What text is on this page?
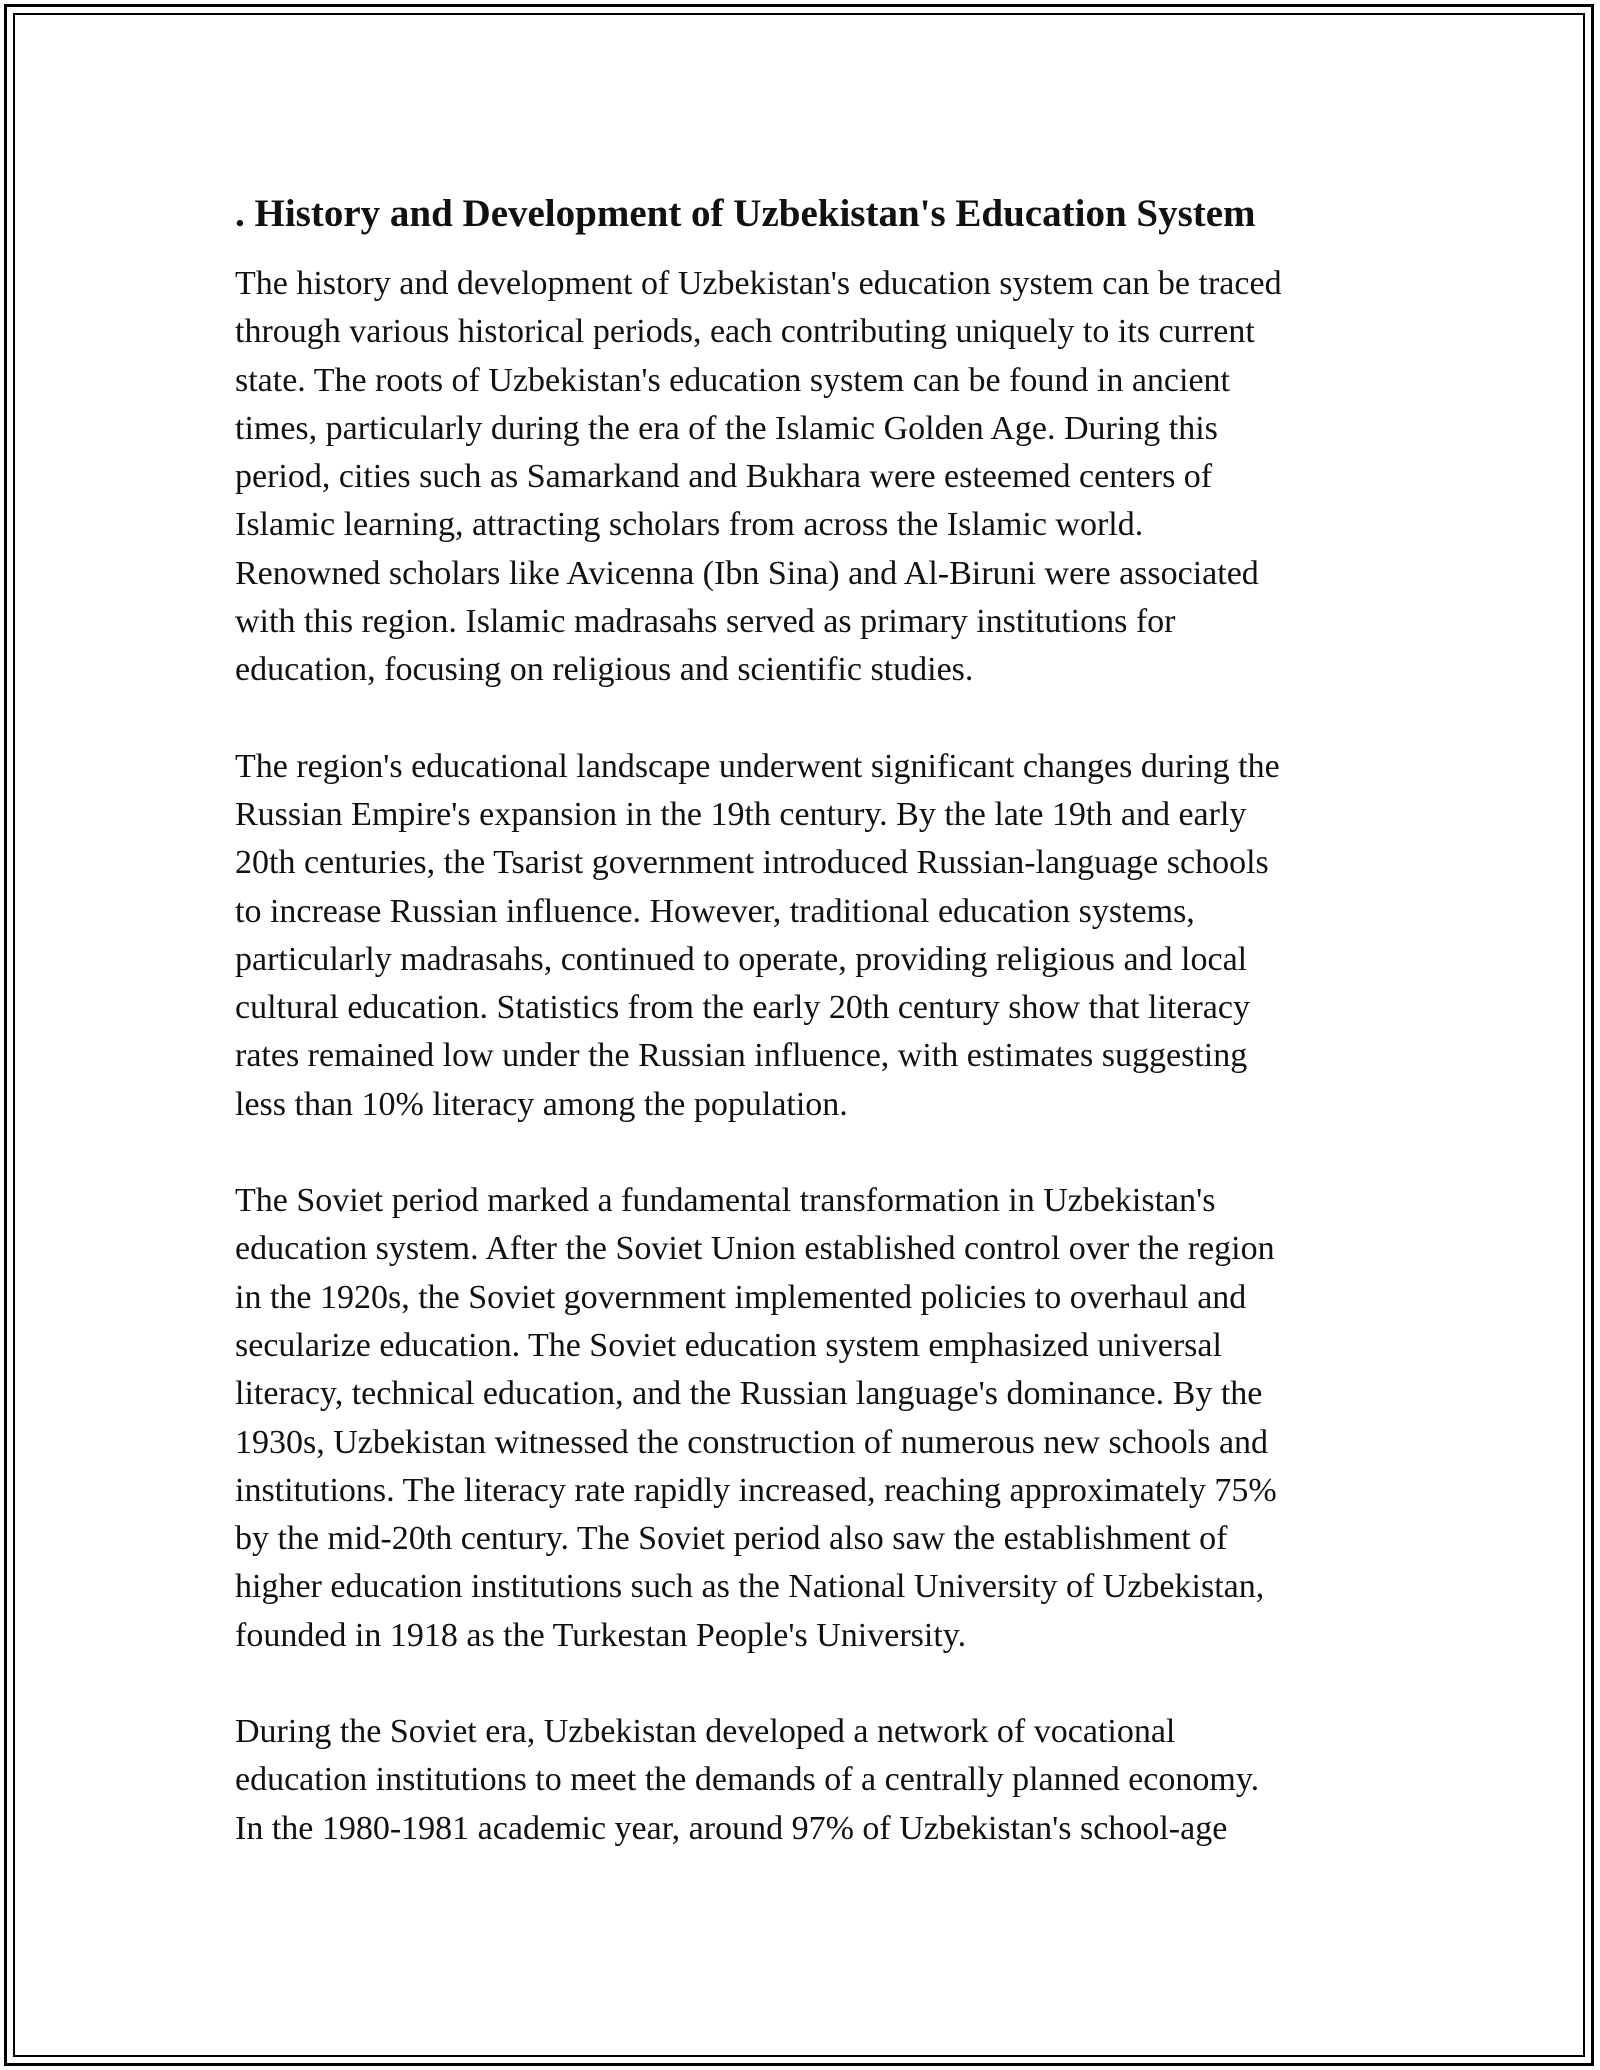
. History and Development of Uzbekistan's Education System

The history and development of Uzbekistan's education system can be traced
through various historical periods, each contributing uniquely to its current
state. The roots of Uzbekistan's education system can be found in ancient
times, particularly during the era of the Islamic Golden Age. During this
period, cities such as Samarkand and Bukhara were esteemed centers of
Islamic learning, attracting scholars from across the Islamic world.
Renowned scholars like Avicenna (Ibn Sina) and Al-Biruni were associated
with this region. Islamic madrasahs served as primary institutions for
education, focusing on religious and scientific studies.

The region's educational landscape underwent significant changes during the
Russian Empire's expansion in the 19th century. By the late 19th and early
20th centuries, the Tsarist government introduced Russian-language schools
to increase Russian influence. However, traditional education systems,
particularly madrasahs, continued to operate, providing religious and local
cultural education. Statistics from the early 20th century show that literacy
rates remained low under the Russian influence, with estimates suggesting
less than 10% literacy among the population.

The Soviet period marked a fundamental transformation in Uzbekistan's
education system. After the Soviet Union established control over the region
in the 1920s, the Soviet government implemented policies to overhaul and
secularize education. The Soviet education system emphasized universal
literacy, technical education, and the Russian language's dominance. By the
1930s, Uzbekistan witnessed the construction of numerous new schools and
institutions. The literacy rate rapidly increased, reaching approximately 75%
by the mid-20th century. The Soviet period also saw the establishment of
higher education institutions such as the National University of Uzbekistan,
founded in 1918 as the Turkestan People's University.

During the Soviet era, Uzbekistan developed a network of vocational
education institutions to meet the demands of a centrally planned economy.
In the 1980-1981 academic year, around 97% of Uzbekistan's school-age
